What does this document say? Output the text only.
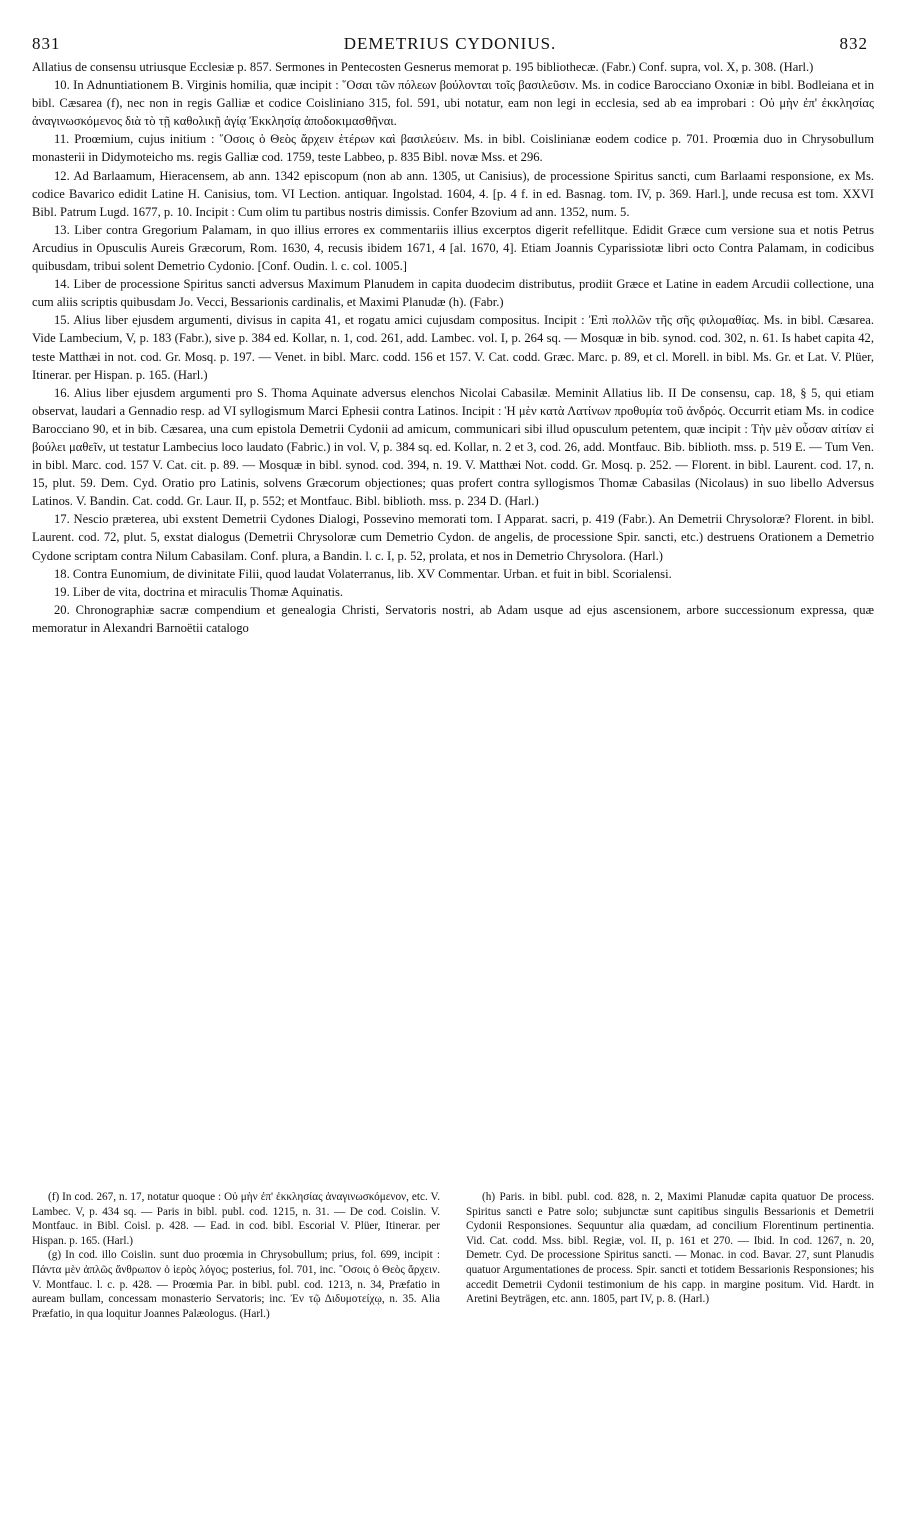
831	DEMETRIUS CYDONIUS.	832

Allatius de consensu utriusque Ecclesiæ p. 857. Sermones in Pentecosten Gesnerus memorat p. 195 bibliothecæ. (Fabr.) Conf. supra, vol. X, p. 308. (Harl.)

10. In Adnuntiationem B. Virginis homilia, quæ incipit : ῞Οσαι τῶν πόλεων βούλονται τοῖς βασιλεῦσιν. Ms. in codice Barocciano Oxoniæ in bibl. Bodleiana et in bibl. Cæsarea (f), nec non in regis Galliæ et codice Coisliniano 315, fol. 591, ubi notatur, eam non legi in ecclesia, sed ab ea improbari : Οὐ μὴν ἐπ' ἐκκλησίας ἀναγινωσκόμενος διὰ τὸ τῇ καθολικῇ ἁγίᾳ Ἐκκλησίᾳ ἀποδοκιμασθῆναι.

11. Proœmium, cujus initium : ῞Οσοις ὁ Θεὸς ἄρχειν ἑτέρων καὶ βασιλεύειν. Ms. in bibl. Coislinianæ eodem codice p. 701. Proœmia duo in Chrysobullum monasterii in Didymoteicho ms. regis Galliæ cod. 1759, teste Labbeo, p. 835 Bibl. novæ Mss. et 296.

12. Ad Barlaamum, Hieracensem, ab ann. 1342 episcopum (non ab ann. 1305, ut Canisius), de processione Spiritus sancti, cum Barlaami responsione, ex Ms. codice Bavarico edidit Latine H. Canisius, tom. VI Lection. antiquar. Ingolstad. 1604, 4. [p. 4 f. in ed. Basnag. tom. IV, p. 369. Harl.], unde recusa est tom. XXVI Bibl. Patrum Lugd. 1677, p. 10. Incipit : Cum olim tu partibus nostris dimissis. Confer Bzovium ad ann. 1352, num. 5.

13. Liber contra Gregorium Palamam, in quo illius errores ex commentariis illius excerptos digerit refellitque. Edidit Græce cum versione sua et notis Petrus Arcudius in Opusculis Aureis Græcorum, Rom. 1630, 4, recusis ibidem 1671, 4 [al. 1670, 4]. Etiam Joannis Cyparissiotæ libri octo Contra Palamam, in codicibus quibusdam, tribui solent Demetrio Cydonio. [Conf. Oudin. l. c. col. 1005.]

14. Liber de processione Spiritus sancti adversus Maximum Planudem in capita duodecim distributus, prodiit Græce et Latine in eadem Arcudii collectione, una cum aliis scriptis quibusdam Jo. Vecci, Bessarionis cardinalis, et Maximi Planudæ (h). (Fabr.)

15. Alius liber ejusdem argumenti, divisus in capita 41, et rogatu amici cujusdam compositus. Incipit : Ἐπὶ πολλῶν τῆς σῆς φιλομαθίας. Ms. in bibl. Cæsarea. Vide Lambecium, V, p. 183 (Fabr.), sive p. 384 ed. Kollar, n. 1, cod. 261, add. Lambec. vol. I, p. 264 sq. — Mosquæ in bib. synod. cod. 302, n. 61. Is habet capita 42, teste Matthæi in not. cod. Gr. Mosq. p. 197. — Venet. in bibl. Marc. codd. 156 et 157. V. Cat. codd. Græc. Marc. p. 89, et cl. Morell. in bibl. Ms. Gr. et Lat. V. Plüer, Itinerar. per Hispan. p. 165. (Harl.)

16. Alius liber ejusdem argumenti pro S. Thoma Aquinate adversus elenchos Nicolai Cabasilæ. Meminit Allatius lib. II De consensu, cap. 18, § 5, qui etiam observat, laudari a Gennadio resp. ad VI syllogismum Marci Ephesii contra Latinos. Incipit : Ἡ μὲν κατὰ Λατίνων προθυμία τοῦ ἀνδρός. Occurrit etiam Ms. in codice Barocciano 90, et in bib. Cæsarea, una cum epistola Demetrii Cydonii ad amicum, communicari sibi illud opusculum petentem, quæ incipit : Τὴν μὲν οὖσαν αἰτίαν εἰ βούλει μαθεῖν, ut testatur Lambecius loco laudato (Fabric.) in vol. V, p. 384 sq. ed. Kollar, n. 2 et 3, cod. 26, add. Montfauc. Bib. biblioth. mss. p. 519 E. — Tum Ven. in bibl. Marc. cod. 157 V. Cat. cit. p. 89. — Mosquæ in bibl. synod. cod. 394, n. 19. V. Matthæi Not. codd. Gr. Mosq. p. 252. — Florent. in bibl. Laurent. cod. 17, n. 15, plut. 59. Dem. Cyd. Oratio pro Latinis, solvens Græcorum objectiones; quas profert contra syllogismos Thomæ Cabasilas (Nicolaus) in suo libello Adversus Latinos. V. Bandin. Cat. codd. Gr. Laur. II, p. 552; et Montfauc. Bibl. biblioth. mss. p. 234 D. (Harl.)

17. Nescio præterea, ubi exstent Demetrii Cydones Dialogi, Possevino memorati tom. I Apparat. sacri, p. 419 (Fabr.). An Demetrii Chrysoloræ? Florent. in bibl. Laurent. cod. 72, plut. 5, exstat dialogus (Demetrii Chrysoloræ cum Demetrio Cydon. de angelis, de processione Spir. sancti, etc.) destruens Orationem a Demetrio Cydone scriptam contra Nilum Cabasilam. Conf. plura, a Bandin. l. c. I, p. 52, prolata, et nos in Demetrio Chrysolora. (Harl.)

18. Contra Eunomium, de divinitate Filii, quod laudat Volaterranus, lib. XV Commentar. Urban. et fuit in bibl. Scorialensi.

19. Liber de vita, doctrina et miraculis Thomæ Aquinatis.

20. Chronographiæ sacræ compendium et genealogia Christi, Servatoris nostri, ab Adam usque ad ejus ascensionem, arbore successionum expressa, quæ memoratur in Alexandri Barnoëtii catalogo

(f) In cod. 267, n. 17, notatur quoque : Οὐ μὴν ἐπ' ἐκκλησίας ἀναγινωσκόμενον, etc. V. Lambec. V, p. 434 sq. — Paris in bibl. publ. cod. 1215, n. 31. — De cod. Coislin. V. Montfauc. in Bibl. Coisl. p. 428. — Ead. in cod. bibl. Escorial V. Plüer, Itinerar. per Hispan. p. 165. (Harl.)

(g) In cod. illo Coislin. sunt duo proœmia in Chrysobullum; prius, fol. 699, incipit : Πάντα μὲν ἁπλῶς ἄνθρωπον ὁ ἱερὸς λόγος; posterius, fol. 701, inc. ῞Οσοις ὁ Θεὸς ἄρχειν. V. Montfauc. l. c. p. 428. — Proœmia Par. in bibl. publ. cod. 1213, n. 34, Præfatio in auream bullam, concessam monasterio Servatoris; inc. Ἐν τῷ Διδυμοτείχῳ, n. 35. Alia Præfatio, in qua loquitur Joannes Palæologus. (Harl.)

(h) Paris. in bibl. publ. cod. 828, n. 2, Maximi Planudæ capita quatuor De process. Spiritus sancti e Patre solo; subjunctæ sunt capitibus singulis Bessarionis et Demetrii Cydonii Responsiones. Sequuntur alia quædam, ad concilium Florentinum pertinentia. Vid. Cat. codd. Mss. bibl. Regiæ, vol. II, p. 161 et 270. — Ibid. In cod. 1267, n. 20, Demetr. Cyd. De processione Spiritus sancti. — Monac. in cod. Bavar. 27, sunt Planudis quatuor Argumentationes de process. Spir. sancti et totidem Bessarionis Responsiones; his accedit Demetrii Cydonii testimonium de his capp. in margine positum. Vid. Hardt. in Aretini Beyträgen, etc. ann. 1805, part IV, p. 8. (Harl.)
